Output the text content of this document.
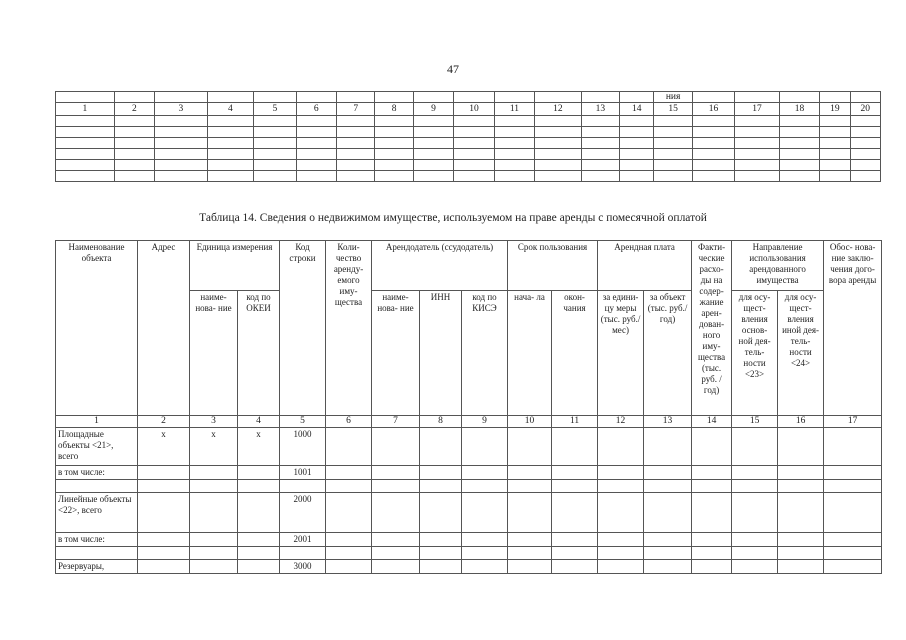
47
														ния					
1	2	3	4	5	6	7	8	9	10	11	12	13	14	15	16	17	18	19	20

Таблица 14. Сведения о недвижимом имуществе, используемом на праве аренды с помесячной оплатой
Наименование объекта	Адрес	Единица измерения		Код строки	Коли- чество аренду- емого иму- щества	Арендодатель (ссудодатель)			Срок пользования		Арендная плата		Факти- ческие расхо- ды на содер- жание арен- дован- ного иму- щества (тыс. руб. / год)	Направление использования арендованного имущества		Обос- нова- ние заклю- чения дого- вора аренды
		наиме- нова- ние	код по ОКЕИ			наиме- нова- ние	ИНН	код по КИСЭ	нача- ла	окон- чания	за едини- цу меры (тыс. руб./ мес)	за объект (тыс. руб./ год)		для осу- щест- вления основ- ной дея- тель- ности <23>	для осу- щест- вления иной дея- тель- ности <24>	
1	2	3	4	5	6	7	8	9	10	11	12	13	14	15	16	17
Площадные объекты <21>, всего	x	x	x	1000												
в том числе:				1001												

Линейные объекты <22>, всего				2000												
в том числе:				2001												

Резервуары,				3000												
